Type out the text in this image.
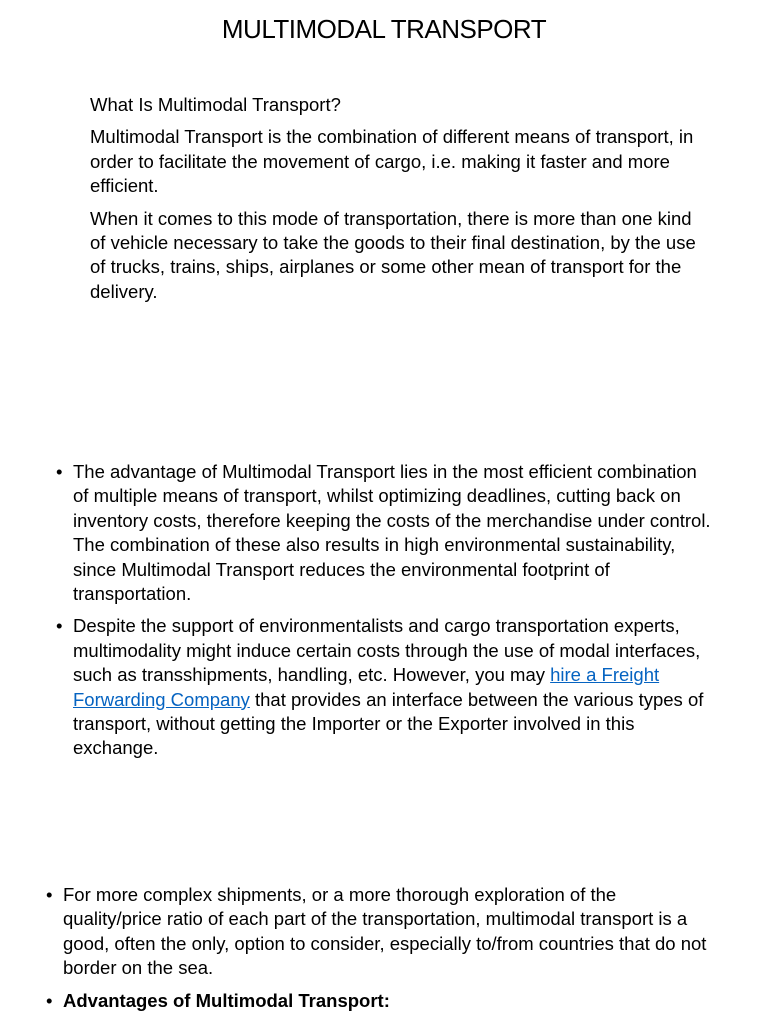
MULTIMODAL TRANSPORT

What Is Multimodal Transport?

Multimodal Transport is the combination of different means of transport, in order to facilitate the movement of cargo, i.e. making it faster and more efficient.

When it comes to this mode of transportation, there is more than one kind of vehicle necessary to take the goods to their final destination, by the use of trucks, trains, ships, airplanes or some other mean of transport for the delivery.

• The advantage of Multimodal Transport lies in the most efficient combination of multiple means of transport, whilst optimizing deadlines, cutting back on inventory costs, therefore keeping the costs of the merchandise under control. The combination of these also results in high environmental sustainability, since Multimodal Transport reduces the environmental footprint of transportation.
• Despite the support of environmentalists and cargo transportation experts, multimodality might induce certain costs through the use of modal interfaces, such as transshipments, handling, etc. However, you may hire a Freight Forwarding Company that provides an interface between the various types of transport, without getting the Importer or the Exporter involved in this exchange.
• For more complex shipments, or a more thorough exploration of the quality/price ratio of each part of the transportation, multimodal transport is a good, often the only, option to consider, especially to/from countries that do not border on the sea.
• Advantages of Multimodal Transport:
